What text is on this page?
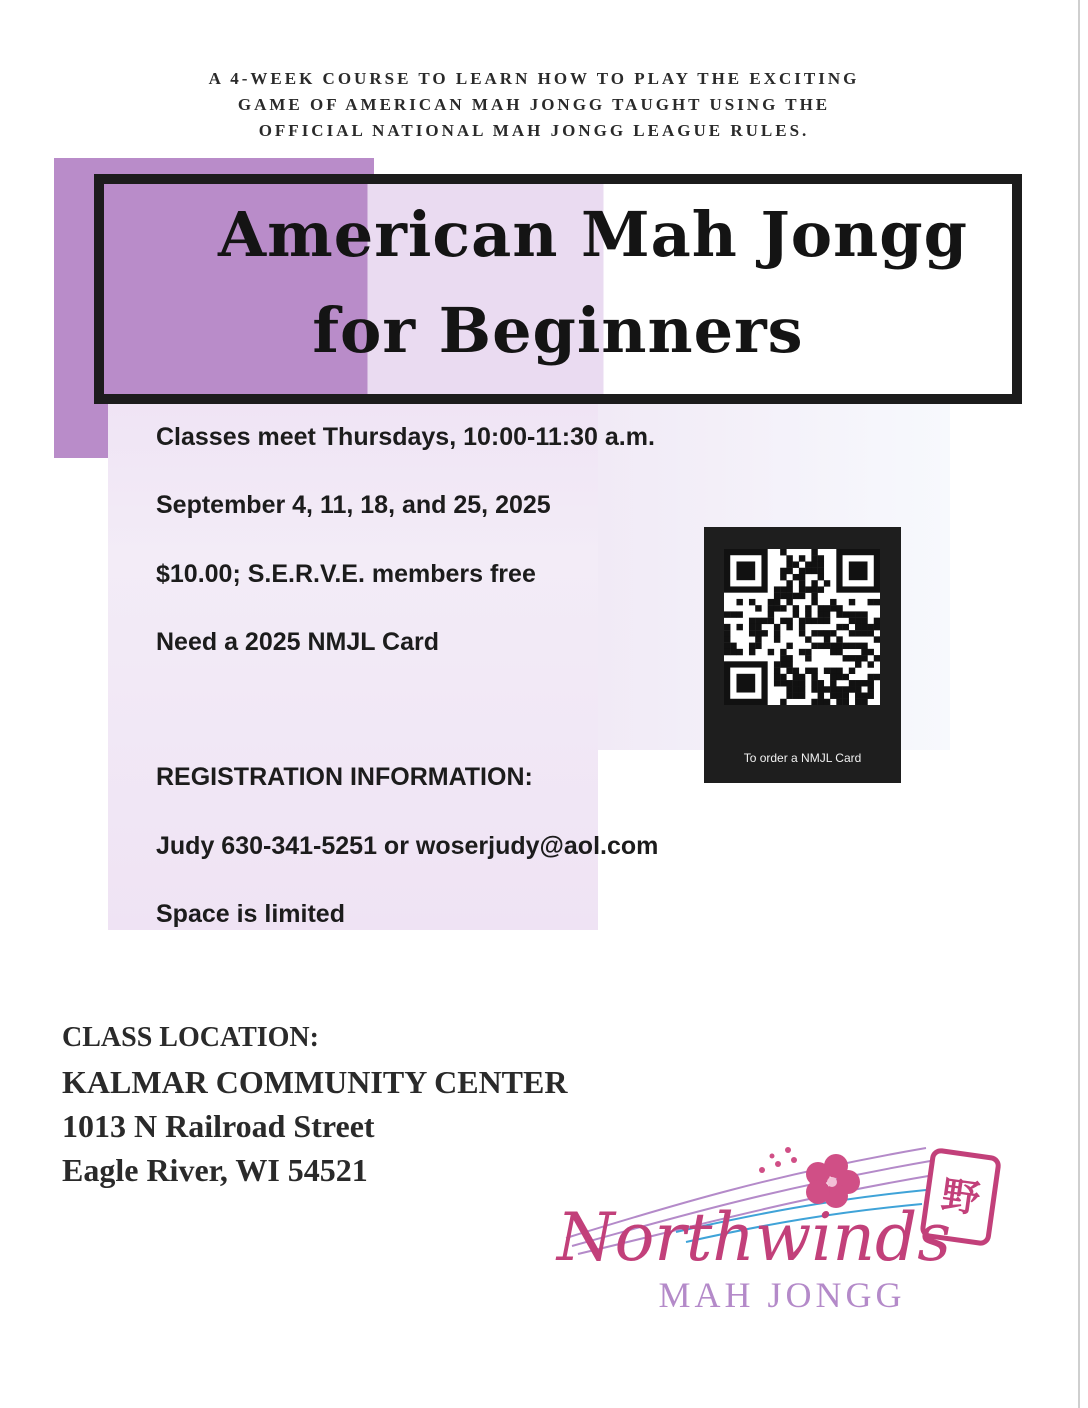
A 4-WEEK COURSE TO LEARN HOW TO PLAY THE EXCITING
GAME OF AMERICAN MAH JONGG TAUGHT USING THE
OFFICIAL NATIONAL MAH JONGG LEAGUE RULES.
American Mah Jongg
for Beginners
Classes meet Thursdays, 10:00-11:30 a.m.
September 4, 11, 18, and 25, 2025
$10.00; S.E.R.V.E. members free
Need a 2025 NMJL Card
REGISTRATION INFORMATION:
Judy 630-341-5251 or woserjudy@aol.com
Space is limited
To order a NMJL Card
CLASS LOCATION:
KALMAR COMMUNITY CENTER
1013 N Railroad Street
Eagle River, WI 54521
野
Northwinds
MAH JONGG
